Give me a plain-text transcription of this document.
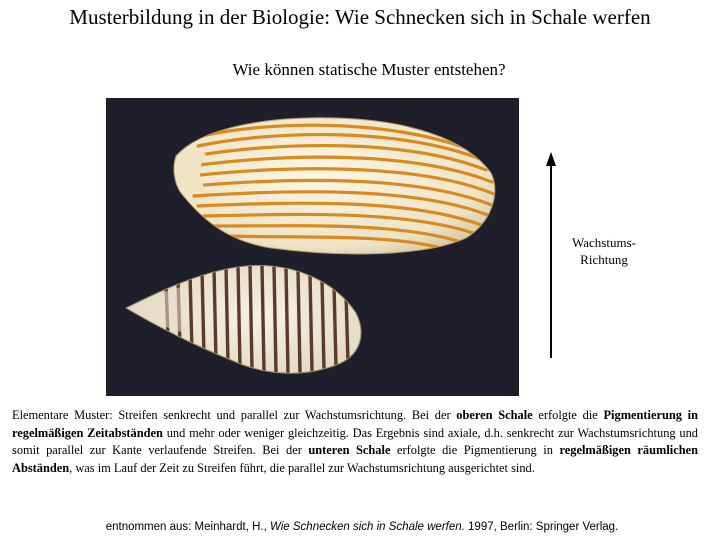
Musterbildung in der Biologie: Wie Schnecken sich in Schale werfen
Wie können statische Muster entstehen?
Wachstums-
Richtung
Elementare Muster: Streifen senkrecht und parallel zur Wachstumsrichtung. Bei der oberen Schale erfolgte die Pigmentierung in regelmäßigen Zeitabständen und mehr oder weniger gleichzeitig. Das Ergebnis sind axiale, d.h. senkrecht zur Wachstumsrichtung und somit parallel zur Kante verlaufende Streifen. Bei der unteren Schale erfolgte die Pigmentierung in regelmäßigen räumlichen Abständen, was im Lauf der Zeit zu Streifen führt, die parallel zur Wachstumsrichtung ausgerichtet sind.
entnommen aus: Meinhardt, H., Wie Schnecken sich in Schale werfen. 1997, Berlin: Springer Verlag.
